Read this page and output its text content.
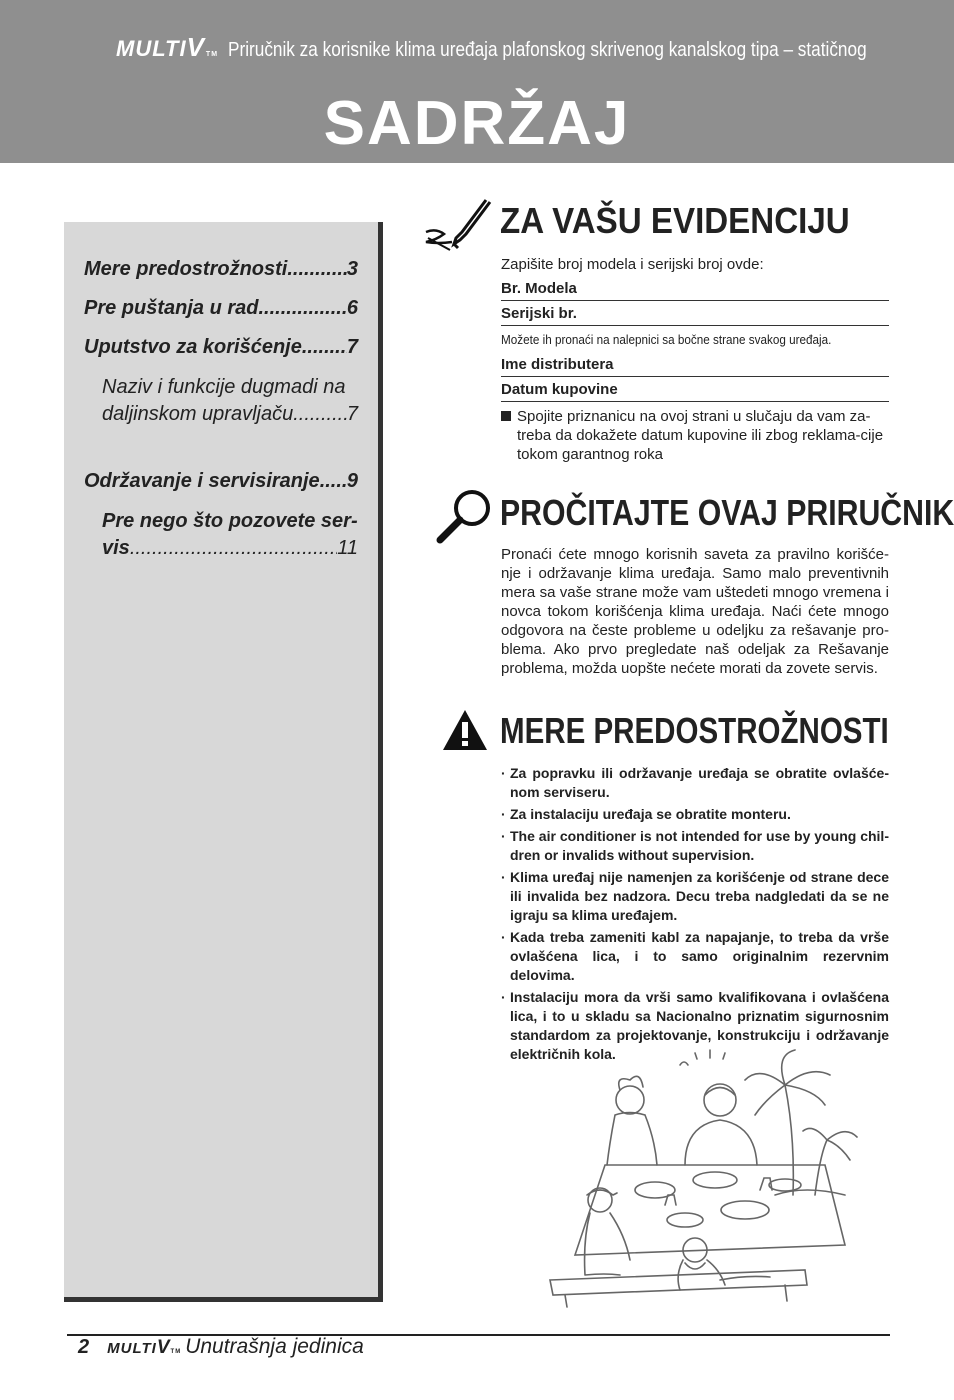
MULTIVTM Priručnik za korisnike klima uređaja plafonskog skrivenog kanalskog tipa – statičnog
SADRŽAJ
Mere predostrožnosti .....	3
Pre puštanja u rad .....	6
Uputstvo za korišćenje ..... 7
Naziv i funkcije dugmadi na
daljinskom upravljaču .....	7
Održavanje i servisiranje ..... 9
Pre nego što pozovete ser-
vis .....	11
ZA VAŠU EVIDENCIJU
Zapišite broj modela i serijski broj ovde:
Br. Modela
Serijski br.
Možete ih pronaći na nalepnici sa bočne strane svakog uređaja.
Ime distributera
Datum kupovine
Spojite priznanicu na ovoj strani u slučaju da vam za-treba da dokažete datum kupovine ili zbog reklama-cije tokom garantnog roka
PROČITAJTE OVAJ PRIRUČNIK
Pronaći ćete mnogo korisnih saveta za pravilno korišće-nje i održavanje klima uređaja. Samo malo preventivnih mera sa vaše strane može vam uštedeti mnogo vremena i novca tokom korišćenja klima uređaja. Naći ćete mnogo odgovora na česte probleme u odeljku za rešavanje pro-blema. Ako prvo pregledate naš odeljak za Rešavanje problema, možda uopšte nećete morati da zovete servis.
MERE PREDOSTROŽNOSTI
· Za popravku ili održavanje uređaja se obratite ovlašće-nom serviseru.
· Za instalaciju uređaja se obratite monteru.
· The air conditioner is not intended for use by young chil-dren or invalids without supervision.
· Klima uređaj nije namenjen za korišćenje od strane dece ili invalida bez nadzora. Decu treba nadgledati da se ne igraju sa klima uređajem.
· Kada treba zameniti kabl za napajanje, to treba da vrše ovlašćena lica, i to samo originalnim rezervnim delovima.
· Instalaciju mora da vrši samo kvalifikovana i ovlašćena lica, i to u skladu sa Nacionalno priznatim sigurnosnim standardom za projektovanje, konstrukciju i održavanje električnih kola.
2 MULTIVTM Unutrašnja jedinica
